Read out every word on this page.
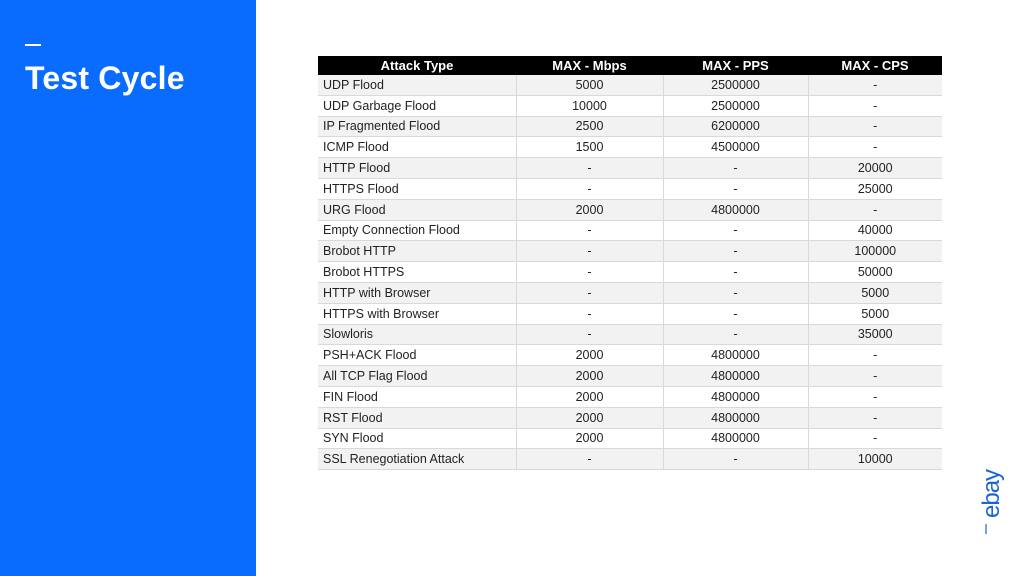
Test Cycle	Attack Type	MAX - Mbps	MAX - PPS	MAX - CPS
UDP Flood	5000	2500000	-
UDP Garbage Flood	10000	2500000	-
IP Fragmented Flood	2500	6200000	-
ICMP Flood	1500	4500000	-
HTTP Flood	-	-	20000
HTTPS Flood	-	-	25000
URG Flood	2000	4800000	-
Empty Connection Flood	-	-	40000
Brobot HTTP	-	-	100000
Brobot HTTPS	-	-	50000
HTTP with Browser	-	-	5000
HTTPS with Browser	-	-	5000
Slowloris	-	-	35000
PSH+ACK Flood	2000	4800000	-
All TCP Flag Flood	2000	4800000	-
FIN Flood	2000	4800000	-
RST Flood	2000	4800000	-
SYN Flood	2000	4800000	-
SSL Renegotiation Attack	-	-	10000
ebay
